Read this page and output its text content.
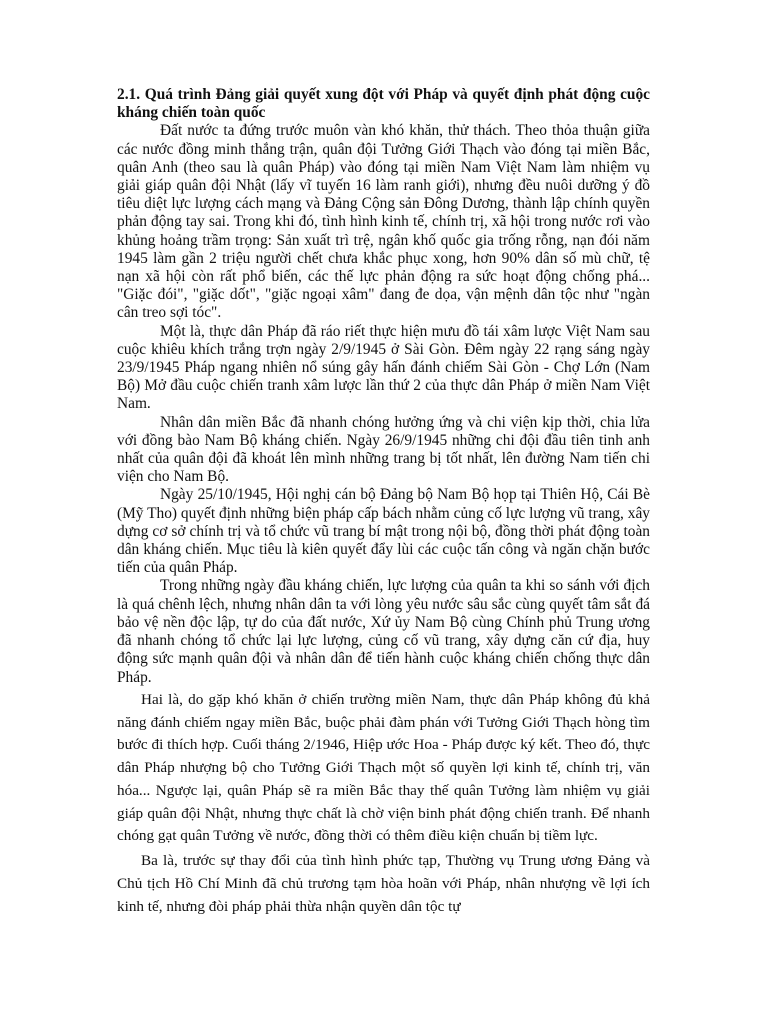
2.1. Quá trình Đảng giải quyết xung đột với Pháp và quyết định phát động cuộc kháng chiến toàn quốc

Đất nước ta đứng trước muôn vàn khó khăn, thử thách. Theo thỏa thuận giữa các nước đồng minh thắng trận, quân đội Tưởng Giới Thạch vào đóng tại miền Bắc, quân Anh (theo sau là quân Pháp) vào đóng tại miền Nam Việt Nam làm nhiệm vụ giải giáp quân đội Nhật (lấy vĩ tuyến 16 làm ranh giới), nhưng đều nuôi dưỡng ý đồ tiêu diệt lực lượng cách mạng và Đảng Cộng sản Đông Dương, thành lập chính quyền phản động tay sai. Trong khi đó, tình hình kinh tế, chính trị, xã hội trong nước rơi vào khủng hoảng trầm trọng: Sản xuất trì trệ, ngân khố quốc gia trống rỗng, nạn đói năm 1945 làm gần 2 triệu người chết chưa khắc phục xong, hơn 90% dân số mù chữ, tệ nạn xã hội còn rất phổ biến, các thế lực phản động ra sức hoạt động chống phá... "Giặc đói", "giặc dốt", "giặc ngoại xâm" đang đe dọa, vận mệnh dân tộc như "ngàn cân treo sợi tóc".

Một là, thực dân Pháp đã ráo riết thực hiện mưu đồ tái xâm lược Việt Nam sau cuộc khiêu khích trắng trợn ngày 2/9/1945 ở Sài Gòn. Đêm ngày 22 rạng sáng ngày 23/9/1945 Pháp ngang nhiên nổ súng gây hấn đánh chiếm Sài Gòn - Chợ Lớn (Nam Bộ) Mở đầu cuộc chiến tranh xâm lược lần thứ 2 của thực dân Pháp ở miền Nam Việt Nam.

Nhân dân miền Bắc đã nhanh chóng hưởng ứng và chi viện kịp thời, chia lửa với đồng bào Nam Bộ kháng chiến. Ngày 26/9/1945 những chi đội đầu tiên tinh anh nhất của quân đội đã khoát lên mình những trang bị tốt nhất, lên đường Nam tiến chi viện cho Nam Bộ.

Ngày 25/10/1945, Hội nghị cán bộ Đảng bộ Nam Bộ họp tại Thiên Hộ, Cái Bè (Mỹ Tho) quyết định những biện pháp cấp bách nhằm củng cố lực lượng vũ trang, xây dựng cơ sở chính trị và tổ chức vũ trang bí mật trong nội bộ, đồng thời phát động toàn dân kháng chiến. Mục tiêu là kiên quyết đẩy lùi các cuộc tấn công và ngăn chặn bước tiến của quân Pháp.

Trong những ngày đầu kháng chiến, lực lượng của quân ta khi so sánh với địch là quá chênh lệch, nhưng nhân dân ta với lòng yêu nước sâu sắc cùng quyết tâm sắt đá bảo vệ nền độc lập, tự do của đất nước, Xứ ủy Nam Bộ cùng Chính phủ Trung ương đã nhanh chóng tổ chức lại lực lượng, củng cố vũ trang, xây dựng căn cứ địa, huy động sức mạnh quân đội và nhân dân để tiến hành cuộc kháng chiến chống thực dân Pháp.

Hai là, do gặp khó khăn ở chiến trường miền Nam, thực dân Pháp không đủ khả năng đánh chiếm ngay miền Bắc, buộc phải đàm phán với Tưởng Giới Thạch hòng tìm bước đi thích hợp. Cuối tháng 2/1946, Hiệp ước Hoa - Pháp được ký kết. Theo đó, thực dân Pháp nhượng bộ cho Tưởng Giới Thạch một số quyền lợi kinh tế, chính trị, văn hóa... Ngược lại, quân Pháp sẽ ra miền Bắc thay thế quân Tưởng làm nhiệm vụ giải giáp quân đội Nhật, nhưng thực chất là chờ viện binh phát động chiến tranh. Để nhanh chóng gạt quân Tưởng về nước, đồng thời có thêm điều kiện chuẩn bị tiềm lực.

Ba là, trước sự thay đổi của tình hình phức tạp, Thường vụ Trung ương Đảng và Chủ tịch Hồ Chí Minh đã chủ trương tạm hòa hoãn với Pháp, nhân nhượng về lợi ích kinh tế, nhưng đòi pháp phải thừa nhận quyền dân tộc tự
